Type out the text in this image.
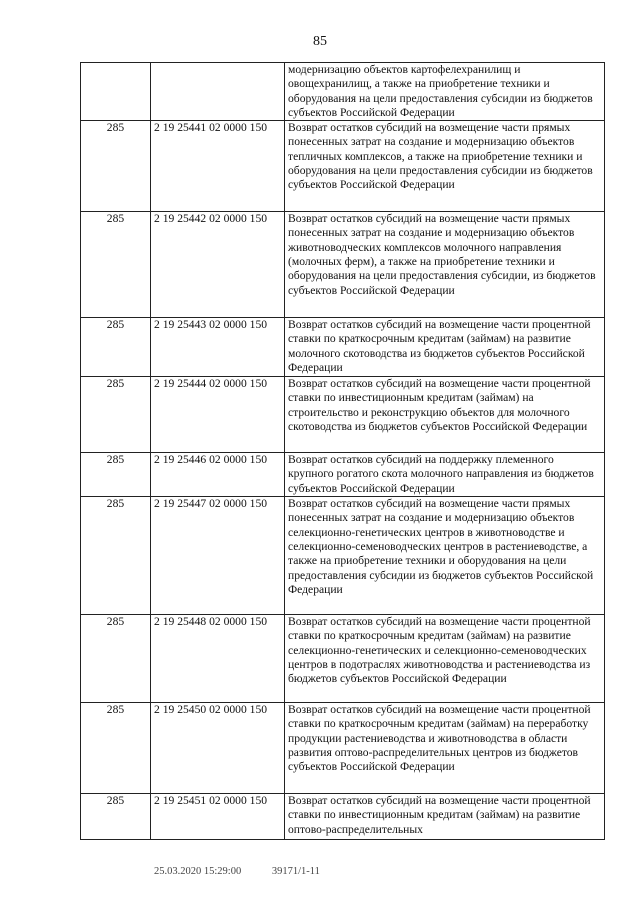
85
		модернизацию объектов картофелехранилищ и овощехранилищ, а также на приобретение техники и оборудования на цели предоставления субсидии из бюджетов субъектов Российской Федерации
285	2 19 25441 02 0000 150	Возврат остатков субсидий на возмещение части прямых понесенных затрат на создание и модернизацию объектов тепличных комплексов, а также на приобретение техники и оборудования на цели предоставления субсидии из бюджетов субъектов Российской Федерации
285	2 19 25442 02 0000 150	Возврат остатков субсидий на возмещение части прямых понесенных затрат на создание и модернизацию объектов животноводческих комплексов молочного направления (молочных ферм), а также на приобретение техники и оборудования на цели предоставления субсидии, из бюджетов субъектов Российской Федерации
285	2 19 25443 02 0000 150	Возврат остатков субсидий на возмещение части процентной ставки по краткосрочным кредитам (займам) на развитие молочного скотоводства из бюджетов субъектов Российской Федерации
285	2 19 25444 02 0000 150	Возврат остатков субсидий на возмещение части процентной ставки по инвестиционным кредитам (займам) на строительство и реконструкцию объектов для молочного скотоводства из бюджетов субъектов Российской Федерации
285	2 19 25446 02 0000 150	Возврат остатков субсидий на поддержку племенного крупного рогатого скота молочного направления из бюджетов субъектов Российской Федерации
285	2 19 25447 02 0000 150	Возврат остатков субсидий на возмещение части прямых понесенных затрат на создание и модернизацию объектов селекционно-генетических центров в животноводстве и селекционно-семеноводческих центров в растениеводстве, а также на приобретение техники и оборудования на цели предоставления субсидии из бюджетов субъектов Российской Федерации
285	2 19 25448 02 0000 150	Возврат остатков субсидий на возмещение части процентной ставки по краткосрочным кредитам (займам) на развитие селекционно-генетических и селекционно-семеноводческих центров в подотраслях животноводства и растениеводства из бюджетов субъектов Российской Федерации
285	2 19 25450 02 0000 150	Возврат остатков субсидий на возмещение части процентной ставки по краткосрочным кредитам (займам) на переработку продукции растениеводства и животноводства в области развития оптово-распределительных центров из бюджетов субъектов Российской Федерации
285	2 19 25451 02 0000 150	Возврат остатков субсидий на возмещение части процентной ставки по инвестиционным кредитам (займам) на развитие оптово-распределительных
25.03.2020 15:29:00	39171/1-11
